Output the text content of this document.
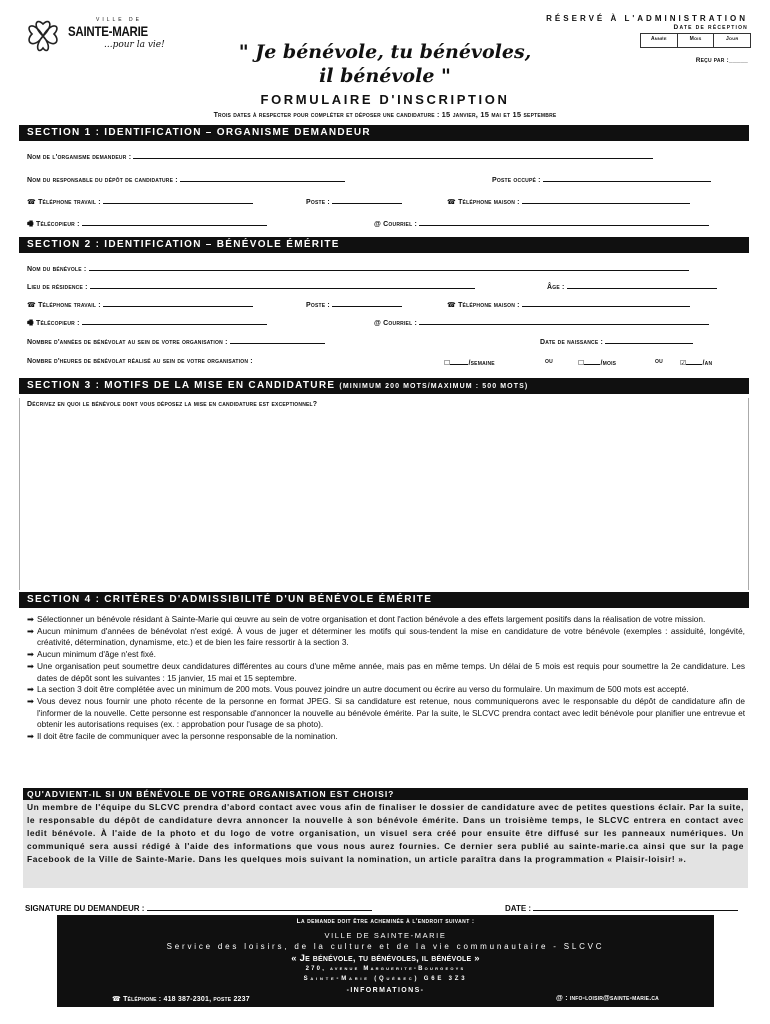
VILLE DE
SAINTE-MARIE
...pour la vie!
RÉSERVÉ À L'ADMINISTRATION
Date de réception
Année	Mois	Jour
Reçu par :_____
" Je bénévole, tu bénévoles,
il bénévole "
FORMULAIRE D'INSCRIPTION
Trois dates à respecter pour compléter et déposer une candidature : 15 janvier, 15 mai et 15 septembre
SECTION 1 : IDENTIFICATION – ORGANISME DEMANDEUR
Nom de l'organisme demandeur :
Nom du responsable du dépôt de candidature :	Poste occupé :
☎ Téléphone travail :	Poste :	☎ Téléphone maison :
🖷 Télécopieur :	@ Courriel :
SECTION 2 : IDENTIFICATION – BÉNÉVOLE ÉMÉRITE
Nom du bénévole :
Lieu de résidence :	Âge :
☎ Téléphone travail :	Poste :	☎ Téléphone maison :
🖷 Télécopieur :	@ Courriel :
Nombre d'années de bénévolat au sein de votre organisation :	Date de naissance :
Nombre d'heures de bénévolat réalisé au sein de votre organisation :	☐	/semaine	ou	☐ /mois	ou ☑ /an
SECTION 3 : MOTIFS DE LA MISE EN CANDIDATURE (MINIMUM 200 MOTS/MAXIMUM : 500 MOTS)
Décrivez en quoi le bénévole dont vous déposez la mise en candidature est exceptionnel?
SECTION 4 : CRITÈRES D'ADMISSIBILITÉ D'UN BÉNÉVOLE ÉMÉRITE
➡ Sélectionner un bénévole résidant à Sainte-Marie qui œuvre au sein de votre organisation et dont l'action bénévole a des effets largement positifs dans la réalisation de votre mission.
➡ Aucun minimum d'années de bénévolat n'est exigé. À vous de juger et déterminer les motifs qui sous-tendent la mise en candidature de votre bénévole (exemples : assiduité, longévité, créativité, détermination, dynamisme, etc.) et de bien les faire ressortir à la section 3.
➡ Aucun minimum d'âge n'est fixé.
➡ Une organisation peut soumettre deux candidatures différentes au cours d'une même année, mais pas en même temps. Un délai de 5 mois est requis pour soumettre la 2e candidature. Les dates de dépôt sont les suivantes : 15 janvier, 15 mai et 15 septembre.
➡ La section 3 doit être complétée avec un minimum de 200 mots. Vous pouvez joindre un autre document ou écrire au verso du formulaire. Un maximum de 500 mots est accepté.
➡ Vous devez nous fournir une photo récente de la personne en format JPEG. Si sa candidature est retenue, nous communiquerons avec le responsable du dépôt de candidature afin de l'informer de la nouvelle. Cette personne est responsable d'annoncer la nouvelle au bénévole émérite. Par la suite, le SLCVC prendra contact avec ledit bénévole pour planifier une entrevue et obtenir les autorisations requises (ex. : approbation pour l'usage de sa photo).
➡ Il doit être facile de communiquer avec la personne responsable de la nomination.
QU'ADVIENT-IL SI UN BÉNÉVOLE DE VOTRE ORGANISATION EST CHOISI?
Un membre de l'équipe du SLCVC prendra d'abord contact avec vous afin de finaliser le dossier de candidature avec de petites questions éclair. Par la suite, le responsable du dépôt de candidature devra annoncer la nouvelle à son bénévole émérite. Dans un troisième temps, le SLCVC entrera en contact avec ledit bénévole. À l'aide de la photo et du logo de votre organisation, un visuel sera créé pour ensuite être diffusé sur les panneaux numériques. Un communiqué sera aussi rédigé à l'aide des informations que vous nous aurez fournies. Ce dernier sera publié au sainte-marie.ca ainsi que sur la page Facebook de la Ville de Sainte-Marie. Dans les quelques mois suivant la nomination, un article paraîtra dans la programmation « Plaisir-loisir! ».
SIGNATURE DU DEMANDEUR :	DATE :
La demande doit être acheminée à l'endroit suivant :
VILLE DE SAINTE-MARIE
Service des loisirs, de la culture et de la vie communautaire - SLCVC
« Je bénévole, tu bénévoles, il bénévole »
270, avenue Marguerite-Bourgeoys
Sainte-Marie (Québec) G6E 3Z3
-INFORMATIONS-
☎ Téléphone : 418 387-2301, poste 2237	@ : info-loisir@sainte-marie.ca
